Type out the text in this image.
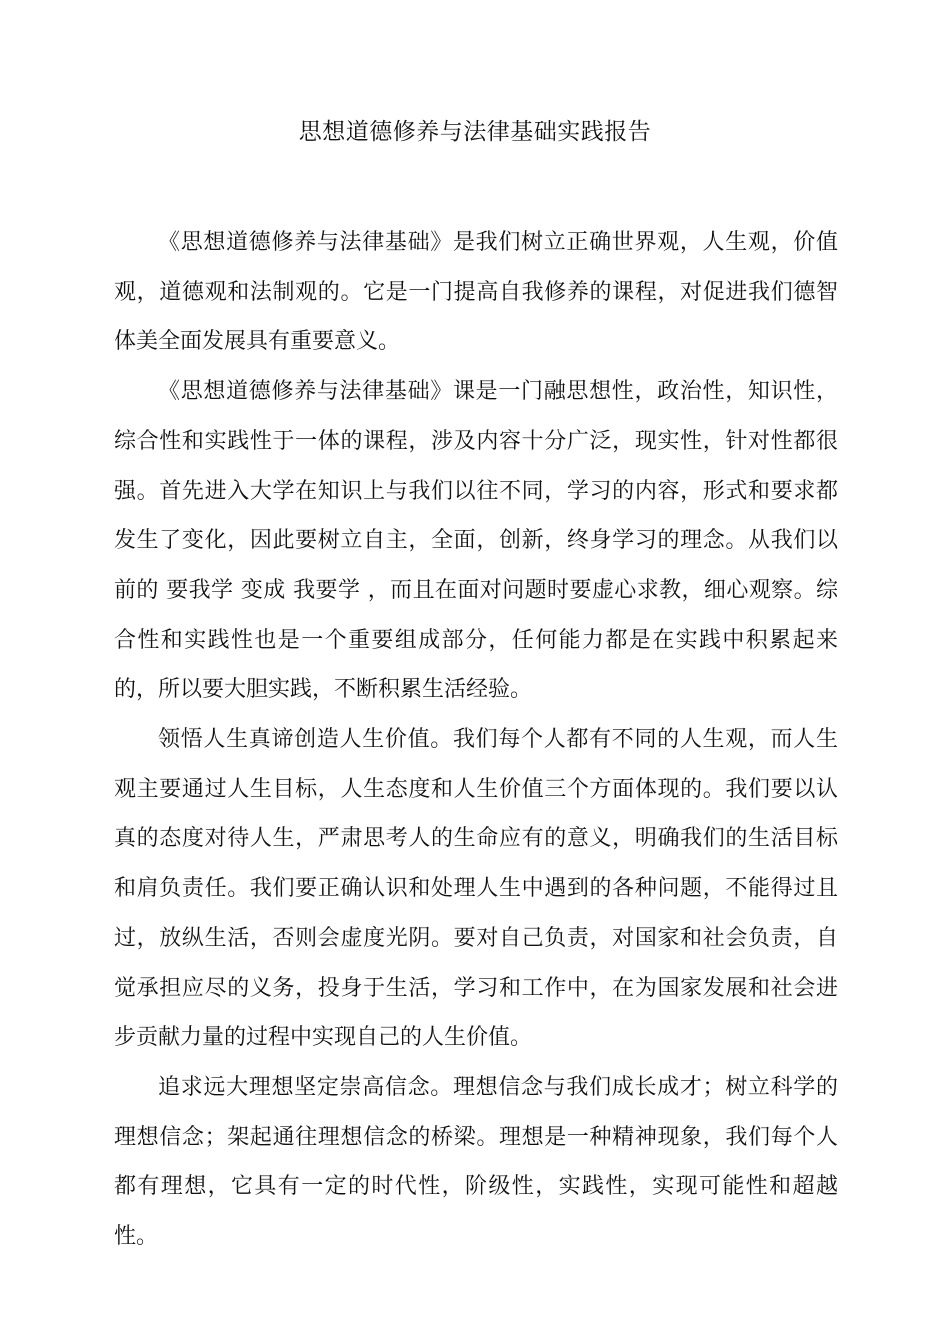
思想道德修养与法律基础实践报告

《思想道德修养与法律基础》是我们树立正确世界观，人生观，价值观，道德观和法制观的。它是一门提高自我修养的课程，对促进我们德智体美全面发展具有重要意义。

《思想道德修养与法律基础》课是一门融思想性，政治性，知识性，综合性和实践性于一体的课程，涉及内容十分广泛，现实性，针对性都很强。首先进入大学在知识上与我们以往不同，学习的内容，形式和要求都发生了变化，因此要树立自主，全面，创新，终身学习的理念。从我们以前的 要我学 变成 我要学 ，而且在面对问题时要虚心求教，细心观察。综合性和实践性也是一个重要组成部分，任何能力都是在实践中积累起来的，所以要大胆实践，不断积累生活经验。

领悟人生真谛创造人生价值。我们每个人都有不同的人生观，而人生观主要通过人生目标，人生态度和人生价值三个方面体现的。我们要以认真的态度对待人生，严肃思考人的生命应有的意义，明确我们的生活目标和肩负责任。我们要正确认识和处理人生中遇到的各种问题，不能得过且过，放纵生活，否则会虚度光阴。要对自己负责，对国家和社会负责，自觉承担应尽的义务，投身于生活，学习和工作中，在为国家发展和社会进步贡献力量的过程中实现自己的人生价值。

追求远大理想坚定崇高信念。理想信念与我们成长成才；树立科学的理想信念；架起通往理想信念的桥梁。理想是一种精神现象，我们每个人都有理想，它具有一定的时代性，阶级性，实践性，实现可能性和超越性。
